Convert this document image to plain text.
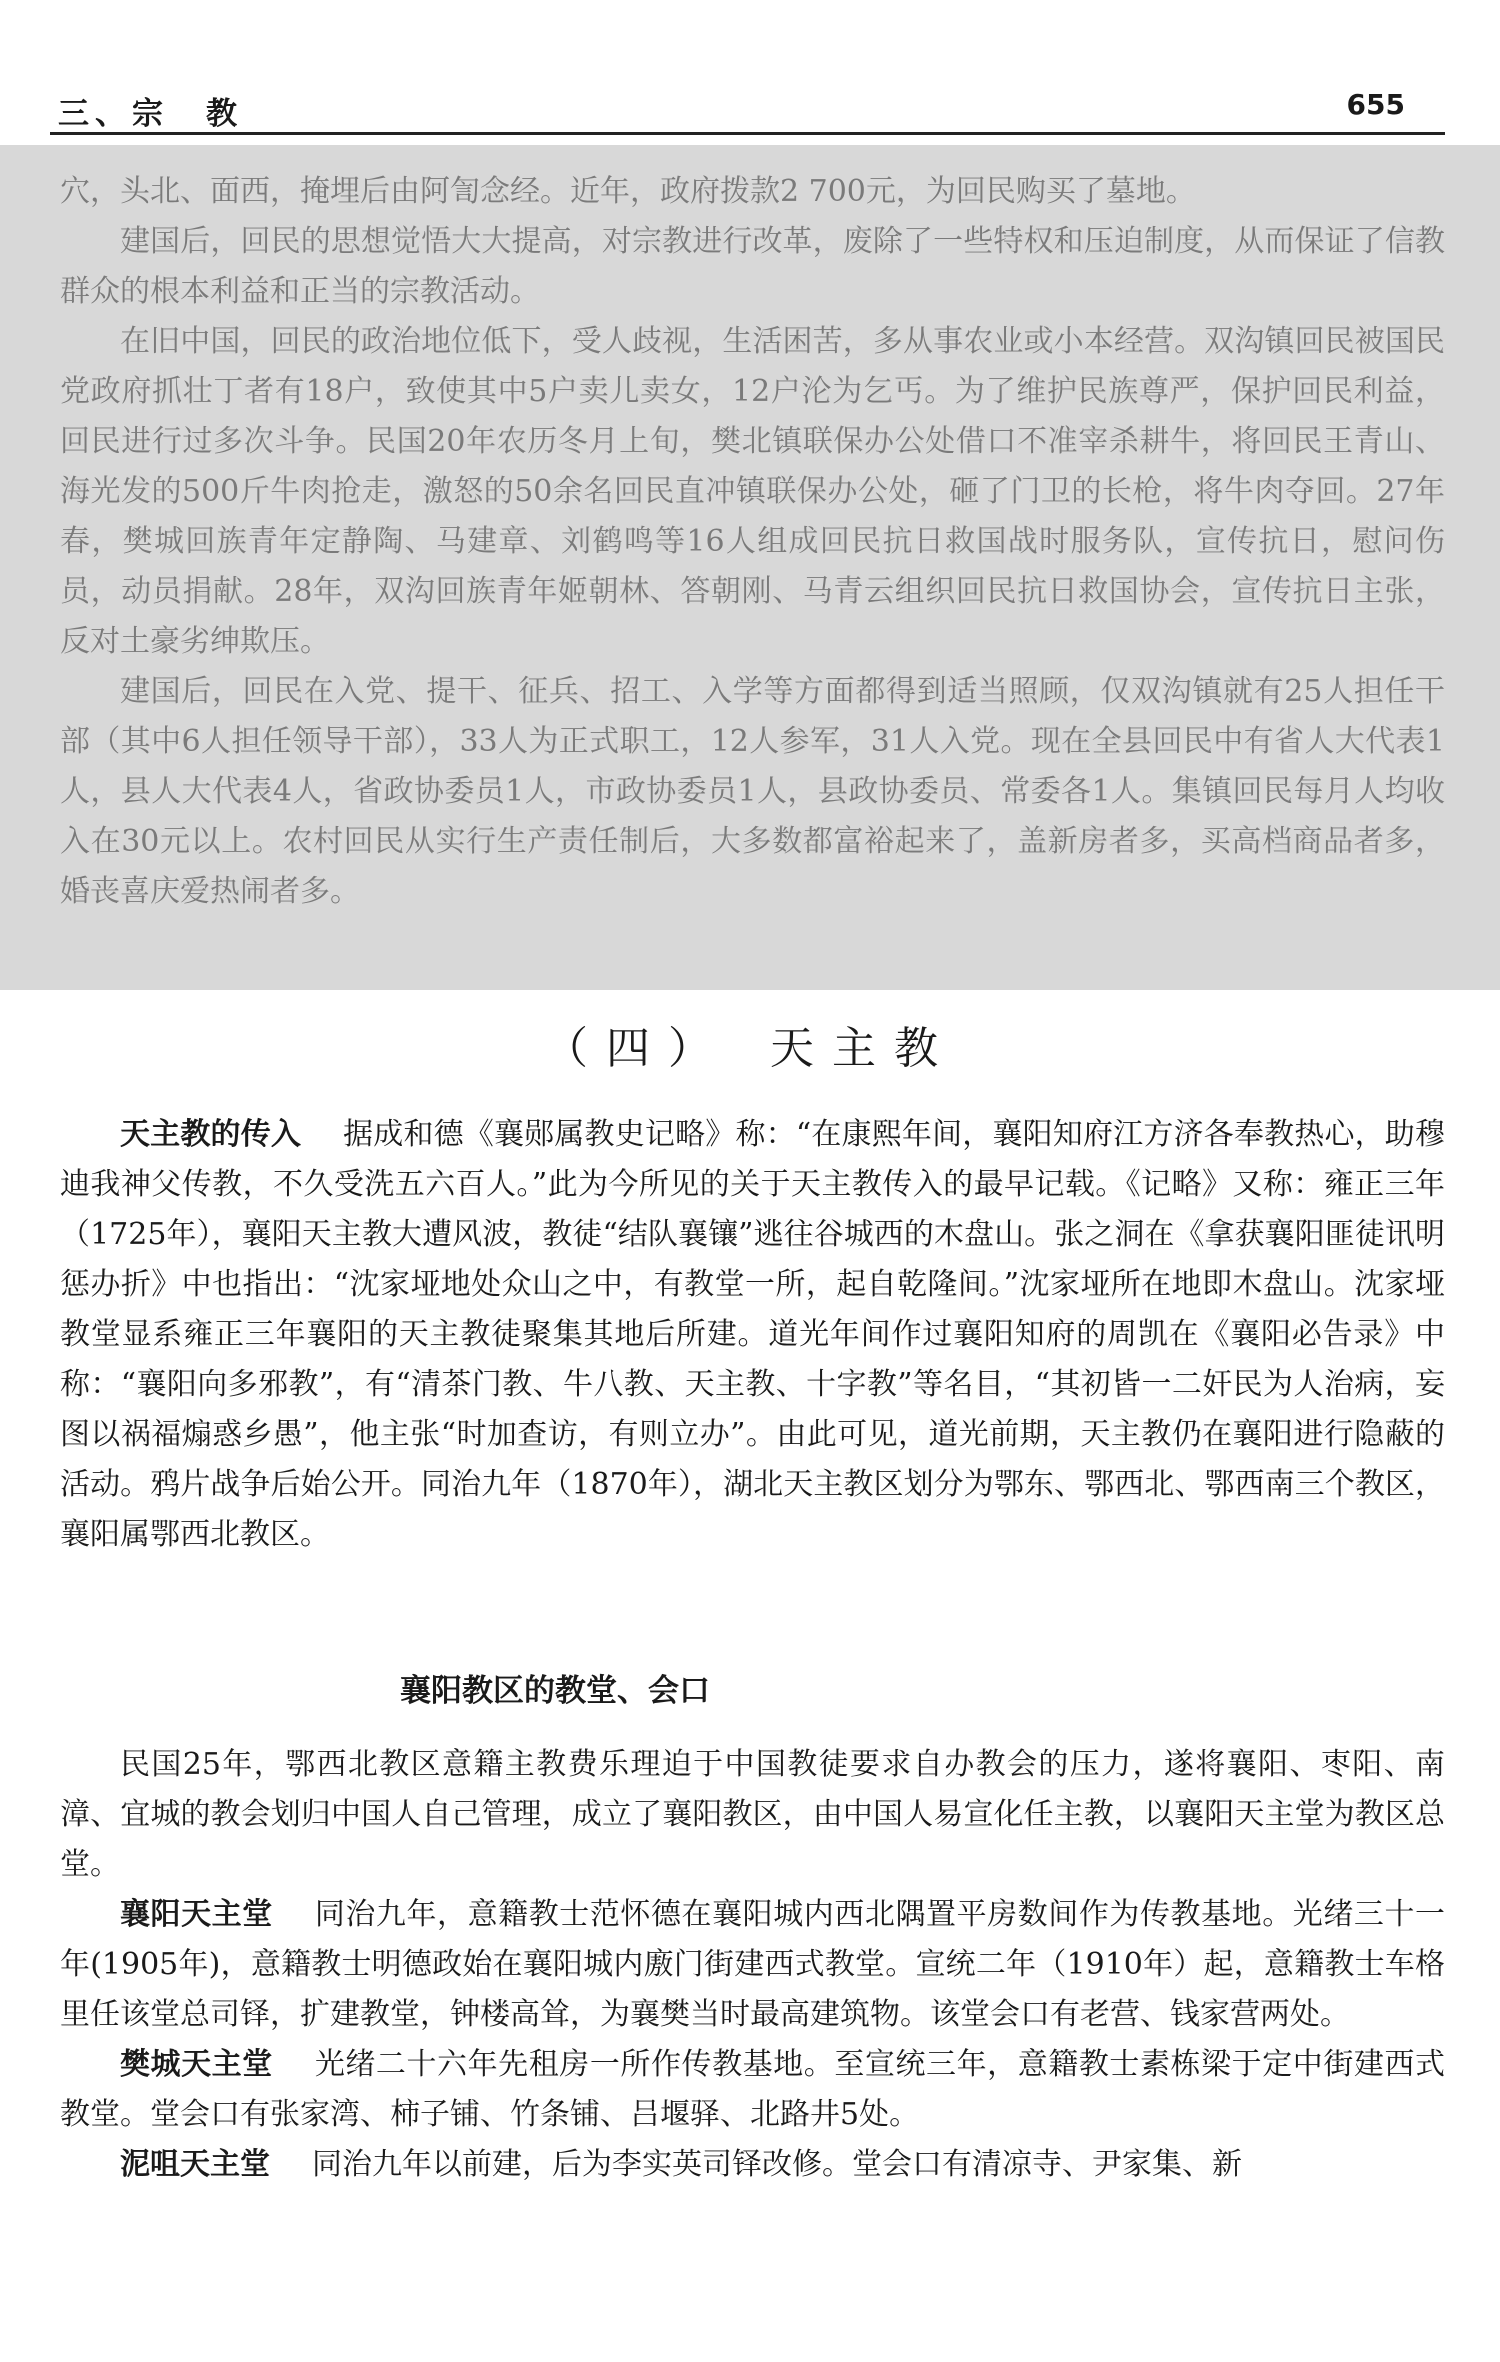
三、宗　教	655

穴，头北、面西，掩埋后由阿訇念经。近年，政府拨款2 700元，为回民购买了墓地。

建国后，回民的思想觉悟大大提高，对宗教进行改革，废除了一些特权和压迫制度，从而保证了信教群众的根本利益和正当的宗教活动。

在旧中国，回民的政治地位低下，受人歧视，生活困苦，多从事农业或小本经营。双沟镇回民被国民党政府抓壮丁者有18户，致使其中5户卖儿卖女，12户沦为乞丐。为了维护民族尊严，保护回民利益，回民进行过多次斗争。民国20年农历冬月上旬，樊北镇联保办公处借口不准宰杀耕牛，将回民王青山、海光发的500斤牛肉抢走，激怒的50余名回民直冲镇联保办公处，砸了门卫的长枪，将牛肉夺回。27年春，樊城回族青年定静陶、马建章、刘鹤鸣等16人组成回民抗日救国战时服务队，宣传抗日，慰问伤员，动员捐献。28年，双沟回族青年姬朝林、答朝刚、马青云组织回民抗日救国协会，宣传抗日主张，反对土豪劣绅欺压。

建国后，回民在入党、提干、征兵、招工、入学等方面都得到适当照顾，仅双沟镇就有25人担任干部（其中6人担任领导干部），33人为正式职工，12人参军，31人入党。现在全县回民中有省人大代表1人，县人大代表4人，省政协委员1人，市政协委员1人，县政协委员、常委各1人。集镇回民每月人均收入在30元以上。农村回民从实行生产责任制后，大多数都富裕起来了，盖新房者多，买高档商品者多，婚丧喜庆爱热闹者多。

（四）　天主教

天主教的传入 据成和德《襄郧属教史记略》称：“在康熙年间，襄阳知府江方济各奉教热心，助穆迪我神父传教，不久受洗五六百人。”此为今所见的关于天主教传入的最早记载。《记略》又称：雍正三年（1725年），襄阳天主教大遭风波，教徒“结队襄镶”逃往谷城西的木盘山。张之洞在《拿获襄阳匪徒讯明惩办折》中也指出：“沈家垭地处众山之中，有教堂一所，起自乾隆间。”沈家垭所在地即木盘山。沈家垭教堂显系雍正三年襄阳的天主教徒聚集其地后所建。道光年间作过襄阳知府的周凯在《襄阳必告录》中称：“襄阳向多邪教”，有“清茶门教、牛八教、天主教、十字教”等名目，“其初皆一二奸民为人治病，妄图以祸福煽惑乡愚”，他主张“时加查访，有则立办”。由此可见，道光前期，天主教仍在襄阳进行隐蔽的活动。鸦片战争后始公开。同治九年（1870年），湖北天主教区划分为鄂东、鄂西北、鄂西南三个教区，襄阳属鄂西北教区。

襄阳教区的教堂、会口

民国25年，鄂西北教区意籍主教费乐理迫于中国教徒要求自办教会的压力，遂将襄阳、枣阳、南漳、宜城的教会划归中国人自己管理，成立了襄阳教区，由中国人易宣化任主教，以襄阳天主堂为教区总堂。

襄阳天主堂 同治九年，意籍教士范怀德在襄阳城内西北隅置平房数间作为传教基地。光绪三十一年(1905年)，意籍教士明德政始在襄阳城内廒门街建西式教堂。宣统二年（1910年）起，意籍教士车格里任该堂总司铎，扩建教堂，钟楼高耸，为襄樊当时最高建筑物。该堂会口有老营、钱家营两处。

樊城天主堂 光绪二十六年先租房一所作传教基地。至宣统三年，意籍教士素栋梁于定中街建西式教堂。堂会口有张家湾、柿子铺、竹条铺、吕堰驿、北路井5处。

泥咀天主堂 同治九年以前建，后为李实英司铎改修。堂会口有清凉寺、尹家集、新
